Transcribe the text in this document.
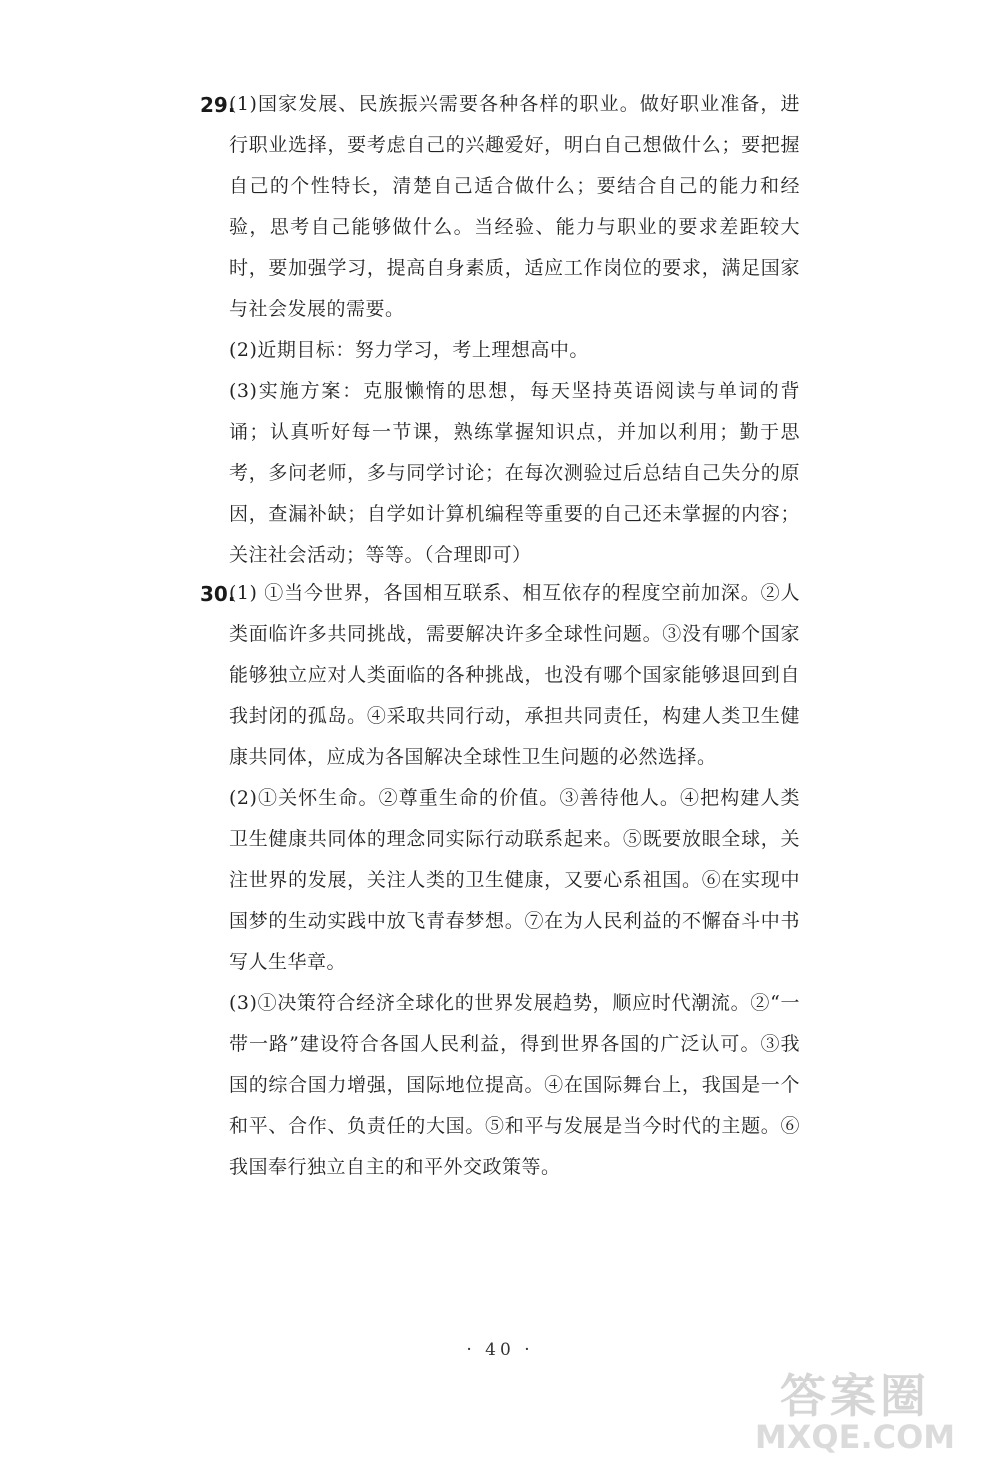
29.
(1)国家发展、民族振兴需要各种各样的职业。做好职业准备，进行职业选择，要考虑自己的兴趣爱好，明白自己想做什么；要把握自己的个性特长，清楚自己适合做什么；要结合自己的能力和经验，思考自己能够做什么。当经验、能力与职业的要求差距较大时，要加强学习，提高自身素质，适应工作岗位的要求，满足国家与社会发展的需要。
(2)近期目标：努力学习，考上理想高中。
(3)实施方案：克服懒惰的思想，每天坚持英语阅读与单词的背诵；认真听好每一节课，熟练掌握知识点，并加以利用；勤于思考，多问老师，多与同学讨论；在每次测验过后总结自己失分的原因，查漏补缺；自学如计算机编程等重要的自己还未掌握的内容；关注社会活动；等等。（合理即可）
30.
(1) ①当今世界，各国相互联系、相互依存的程度空前加深。②人类面临许多共同挑战，需要解决许多全球性问题。③没有哪个国家能够独立应对人类面临的各种挑战，也没有哪个国家能够退回到自我封闭的孤岛。④采取共同行动，承担共同责任，构建人类卫生健康共同体，应成为各国解决全球性卫生问题的必然选择。
(2)①关怀生命。②尊重生命的价值。③善待他人。④把构建人类卫生健康共同体的理念同实际行动联系起来。⑤既要放眼全球，关注世界的发展，关注人类的卫生健康，又要心系祖国。⑥在实现中国梦的生动实践中放飞青春梦想。⑦在为人民利益的不懈奋斗中书写人生华章。
(3)①决策符合经济全球化的世界发展趋势，顺应时代潮流。②“一带一路”建设符合各国人民利益，得到世界各国的广泛认可。③我国的综合国力增强，国际地位提高。④在国际舞台上，我国是一个和平、合作、负责任的大国。⑤和平与发展是当今时代的主题。⑥我国奉行独立自主的和平外交政策等。
· 40 ·
答案圈
MXQE.COM
